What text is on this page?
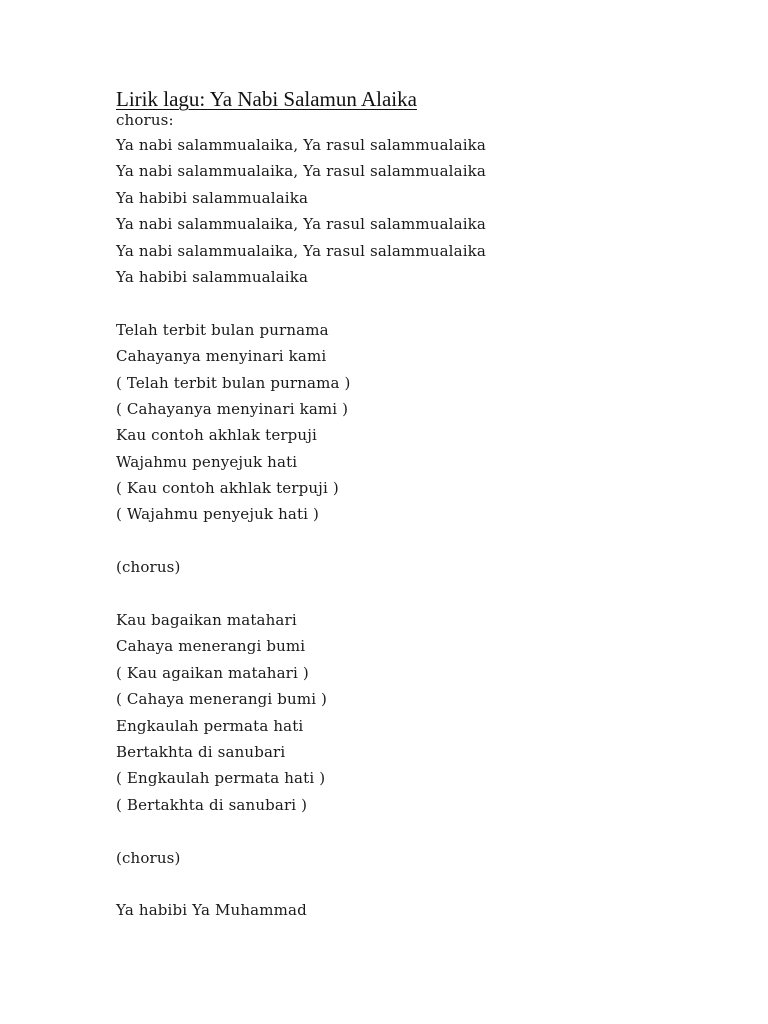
Lirik lagu: Ya Nabi Salamun Alaika
chorus:
Ya nabi salammualaika, Ya rasul salammualaika
Ya nabi salammualaika, Ya rasul salammualaika
Ya habibi salammualaika
Ya nabi salammualaika, Ya rasul salammualaika
Ya nabi salammualaika, Ya rasul salammualaika
Ya habibi salammualaika
Telah terbit bulan purnama
Cahayanya menyinari kami
( Telah terbit bulan purnama )
( Cahayanya menyinari kami )
Kau contoh akhlak terpuji
Wajahmu penyejuk hati
( Kau contoh akhlak terpuji )
( Wajahmu penyejuk hati )
(chorus)
Kau bagaikan matahari
Cahaya menerangi bumi
( Kau agaikan matahari )
( Cahaya menerangi bumi )
Engkaulah permata hati
Bertakhta di sanubari
( Engkaulah permata hati )
( Bertakhta di sanubari )
(chorus)
Ya habibi Ya Muhammad
